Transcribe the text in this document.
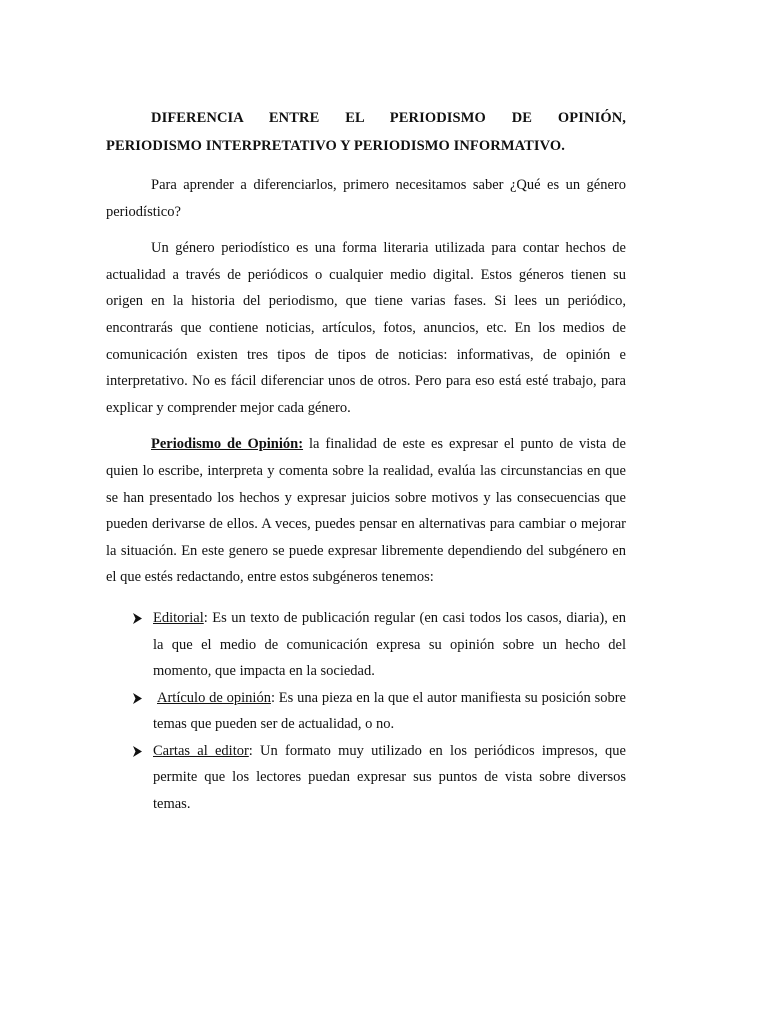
DIFERENCIA ENTRE EL PERIODISMO DE OPINIÓN,
PERIODISMO INTERPRETATIVO Y PERIODISMO INFORMATIVO.

Para aprender a diferenciarlos, primero necesitamos saber ¿Qué es un género periodístico?

Un género periodístico es una forma literaria utilizada para contar hechos de actualidad a través de periódicos o cualquier medio digital. Estos géneros tienen su origen en la historia del periodismo, que tiene varias fases. Si lees un periódico, encontrarás que contiene noticias, artículos, fotos, anuncios, etc. En los medios de comunicación existen tres tipos de tipos de noticias: informativas, de opinión e interpretativo. No es fácil diferenciar unos de otros. Pero para eso está esté trabajo, para explicar y comprender mejor cada género.

Periodismo de Opinión: la finalidad de este es expresar el punto de vista de quien lo escribe, interpreta y comenta sobre la realidad, evalúa las circunstancias en que se han presentado los hechos y expresar juicios sobre motivos y las consecuencias que pueden derivarse de ellos. A veces, puedes pensar en alternativas para cambiar o mejorar la situación. En este genero se puede expresar libremente dependiendo del subgénero en el que estés redactando, entre estos subgéneros tenemos:

Editorial: Es un texto de publicación regular (en casi todos los casos, diaria), en la que el medio de comunicación expresa su opinión sobre un hecho del momento, que impacta en la sociedad.
Artículo de opinión: Es una pieza en la que el autor manifiesta su posición sobre temas que pueden ser de actualidad, o no.
Cartas al editor: Un formato muy utilizado en los periódicos impresos, que permite que los lectores puedan expresar sus puntos de vista sobre diversos temas.
